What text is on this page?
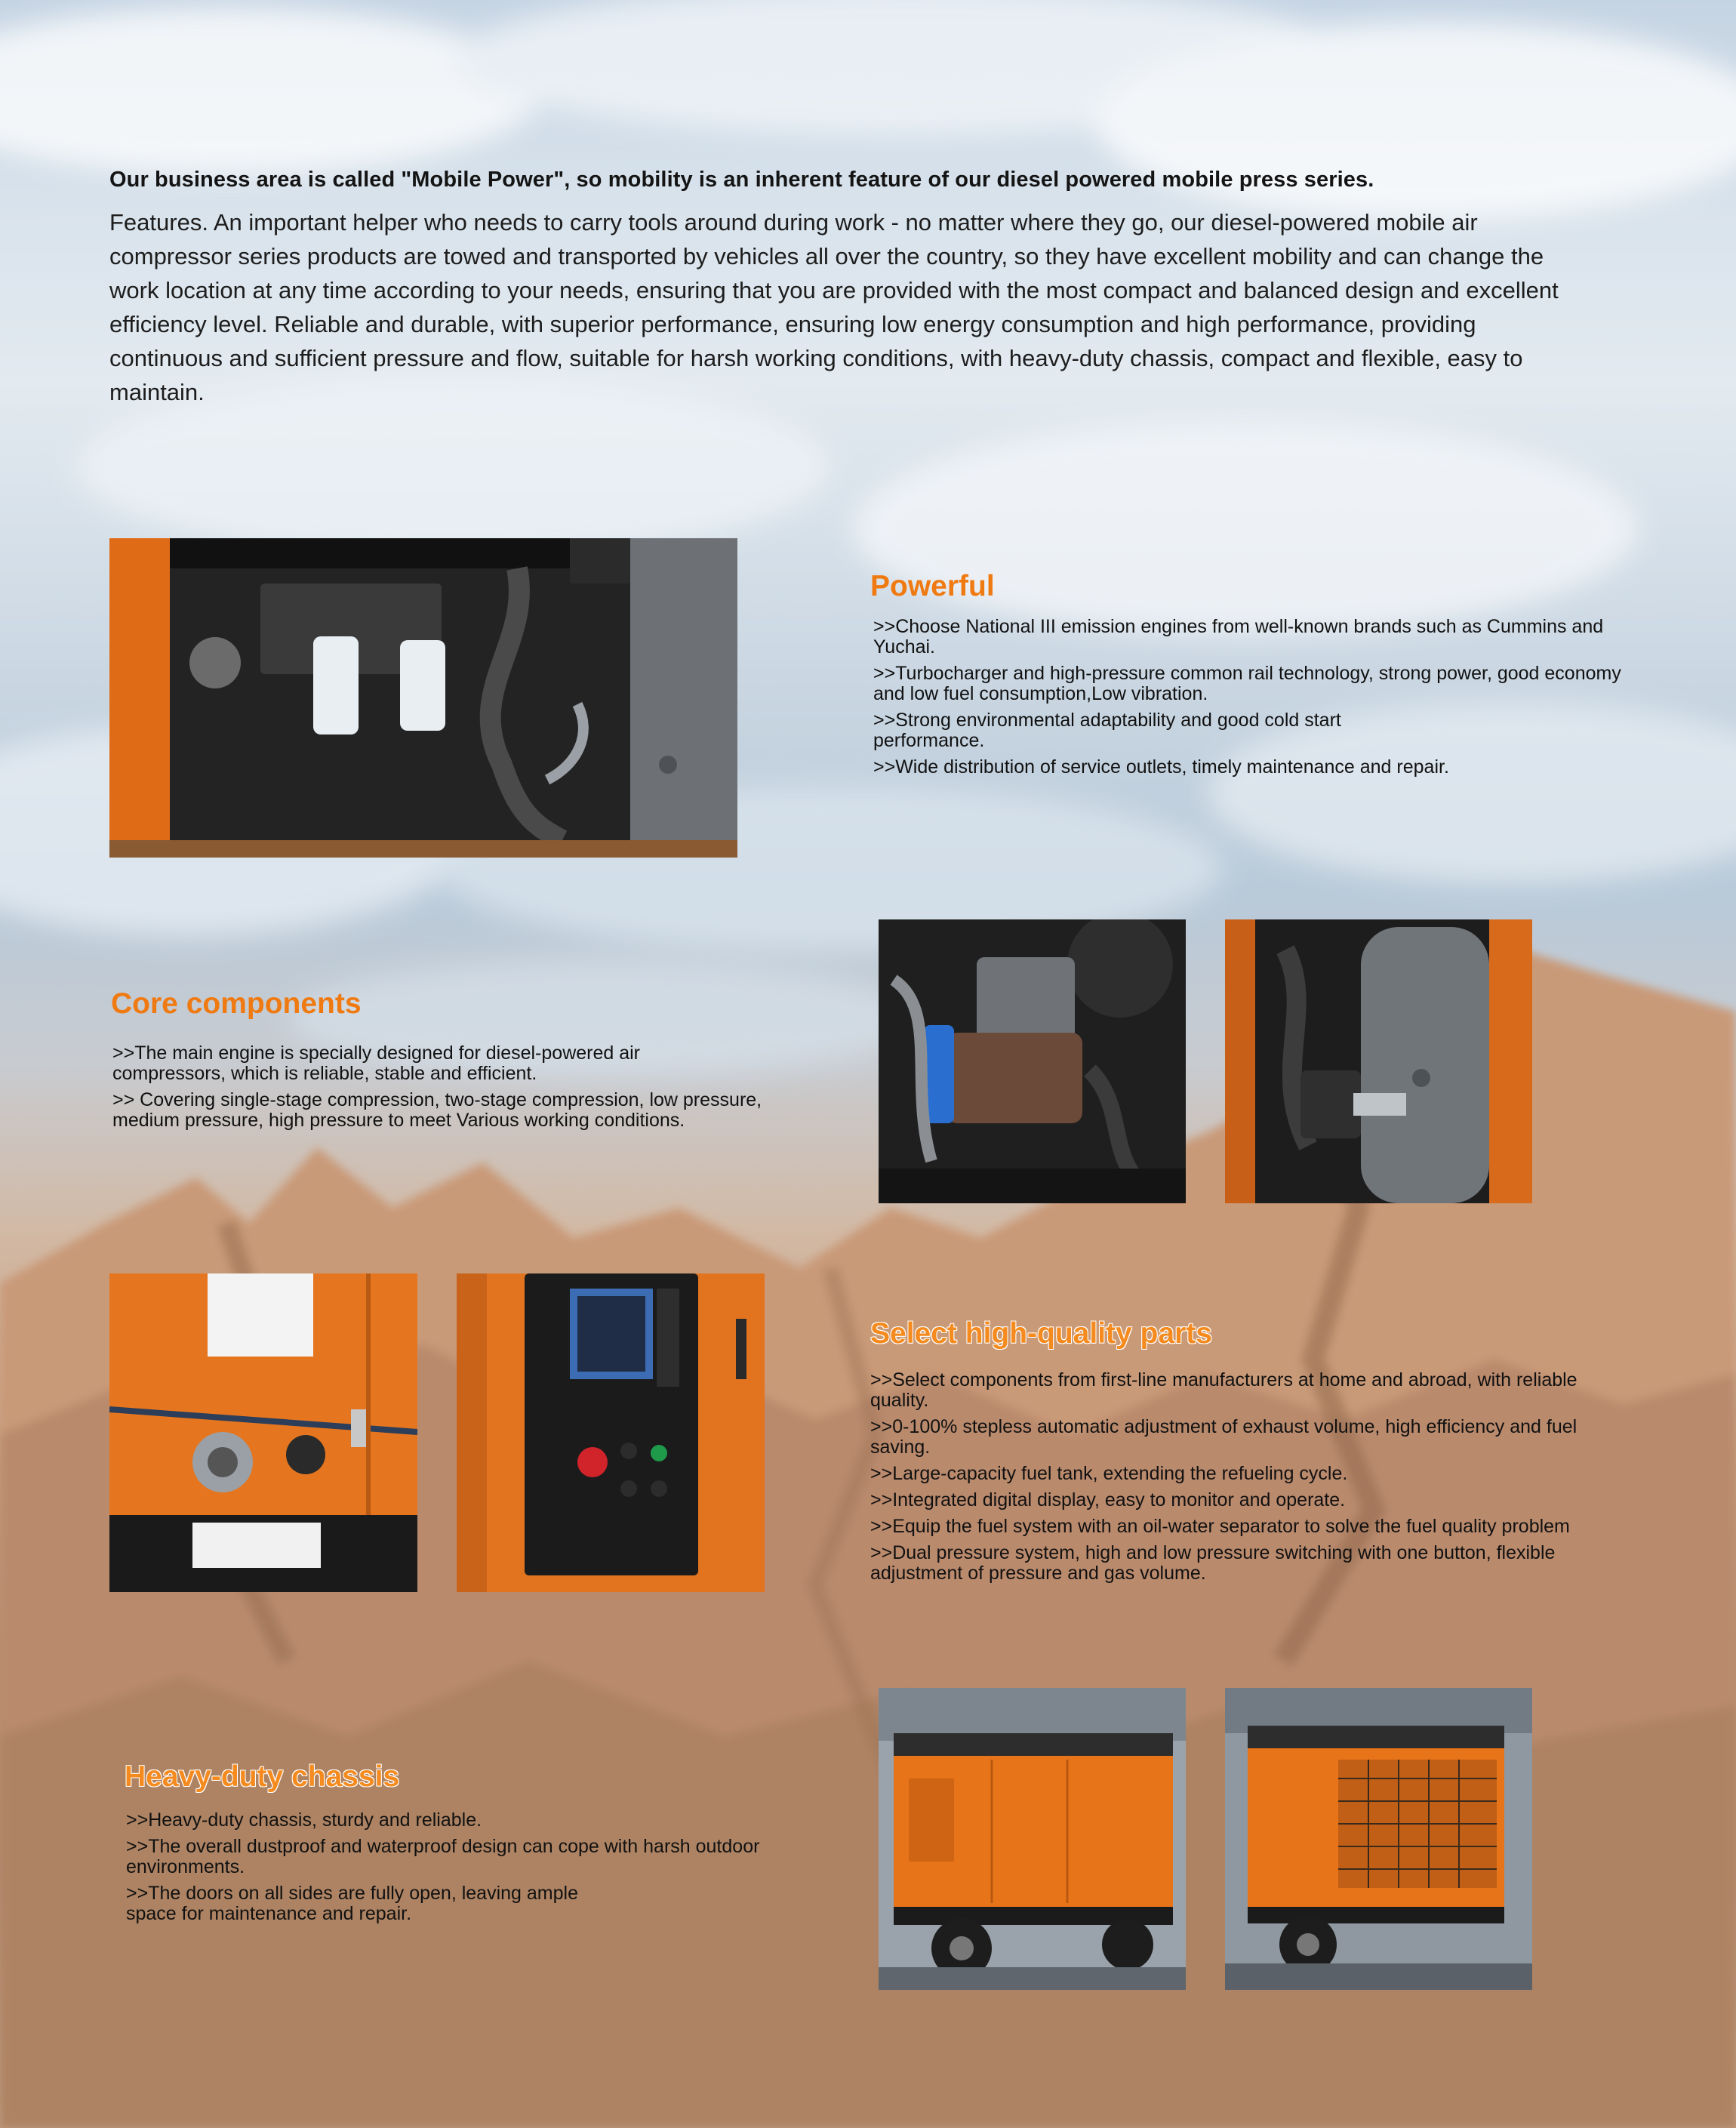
Our business area is called "Mobile Power", so mobility is an inherent feature of our diesel powered mobile press series.

Features. An important helper who needs to carry tools around during work - no matter where they go, our diesel-powered mobile air compressor series products are towed and transported by vehicles all over the country, so they have excellent mobility and can change the work location at any time according to your needs, ensuring that you are provided with the most compact and balanced design and excellent efficiency level. Reliable and durable, with superior performance, ensuring low energy consumption and high performance, providing continuous and sufficient pressure and flow, suitable for harsh working conditions, with heavy-duty chassis, compact and flexible, easy to maintain.

Powerful
>>Choose National III emission engines from well-known brands such as Cummins and Yuchai.
>>Turbocharger and high-pressure common rail technology, strong power, good economy and low fuel consumption,Low vibration.
>>Strong environmental adaptability and good cold start performance.
>>Wide distribution of service outlets, timely maintenance and repair.
Core components
>>The main engine is specially designed for diesel-powered air compressors, which is reliable, stable and efficient.
>> Covering single-stage compression, two-stage compression, low pressure, medium pressure, high pressure to meet Various working conditions.
Select high-quality parts
>>Select components from first-line manufacturers at home and abroad, with reliable quality.
>>0-100% stepless automatic adjustment of exhaust volume, high efficiency and fuel saving.
>>Large-capacity fuel tank, extending the refueling cycle.
>>Integrated digital display, easy to monitor and operate.
>>Equip the fuel system with an oil-water separator to solve the fuel quality problem
>>Dual pressure system, high and low pressure switching with one button, flexible adjustment of pressure and gas volume.
Heavy-duty chassis
>>Heavy-duty chassis, sturdy and reliable.
>>The overall dustproof and waterproof design can cope with harsh outdoor environments.
>>The doors on all sides are fully open, leaving ample space for maintenance and repair.
